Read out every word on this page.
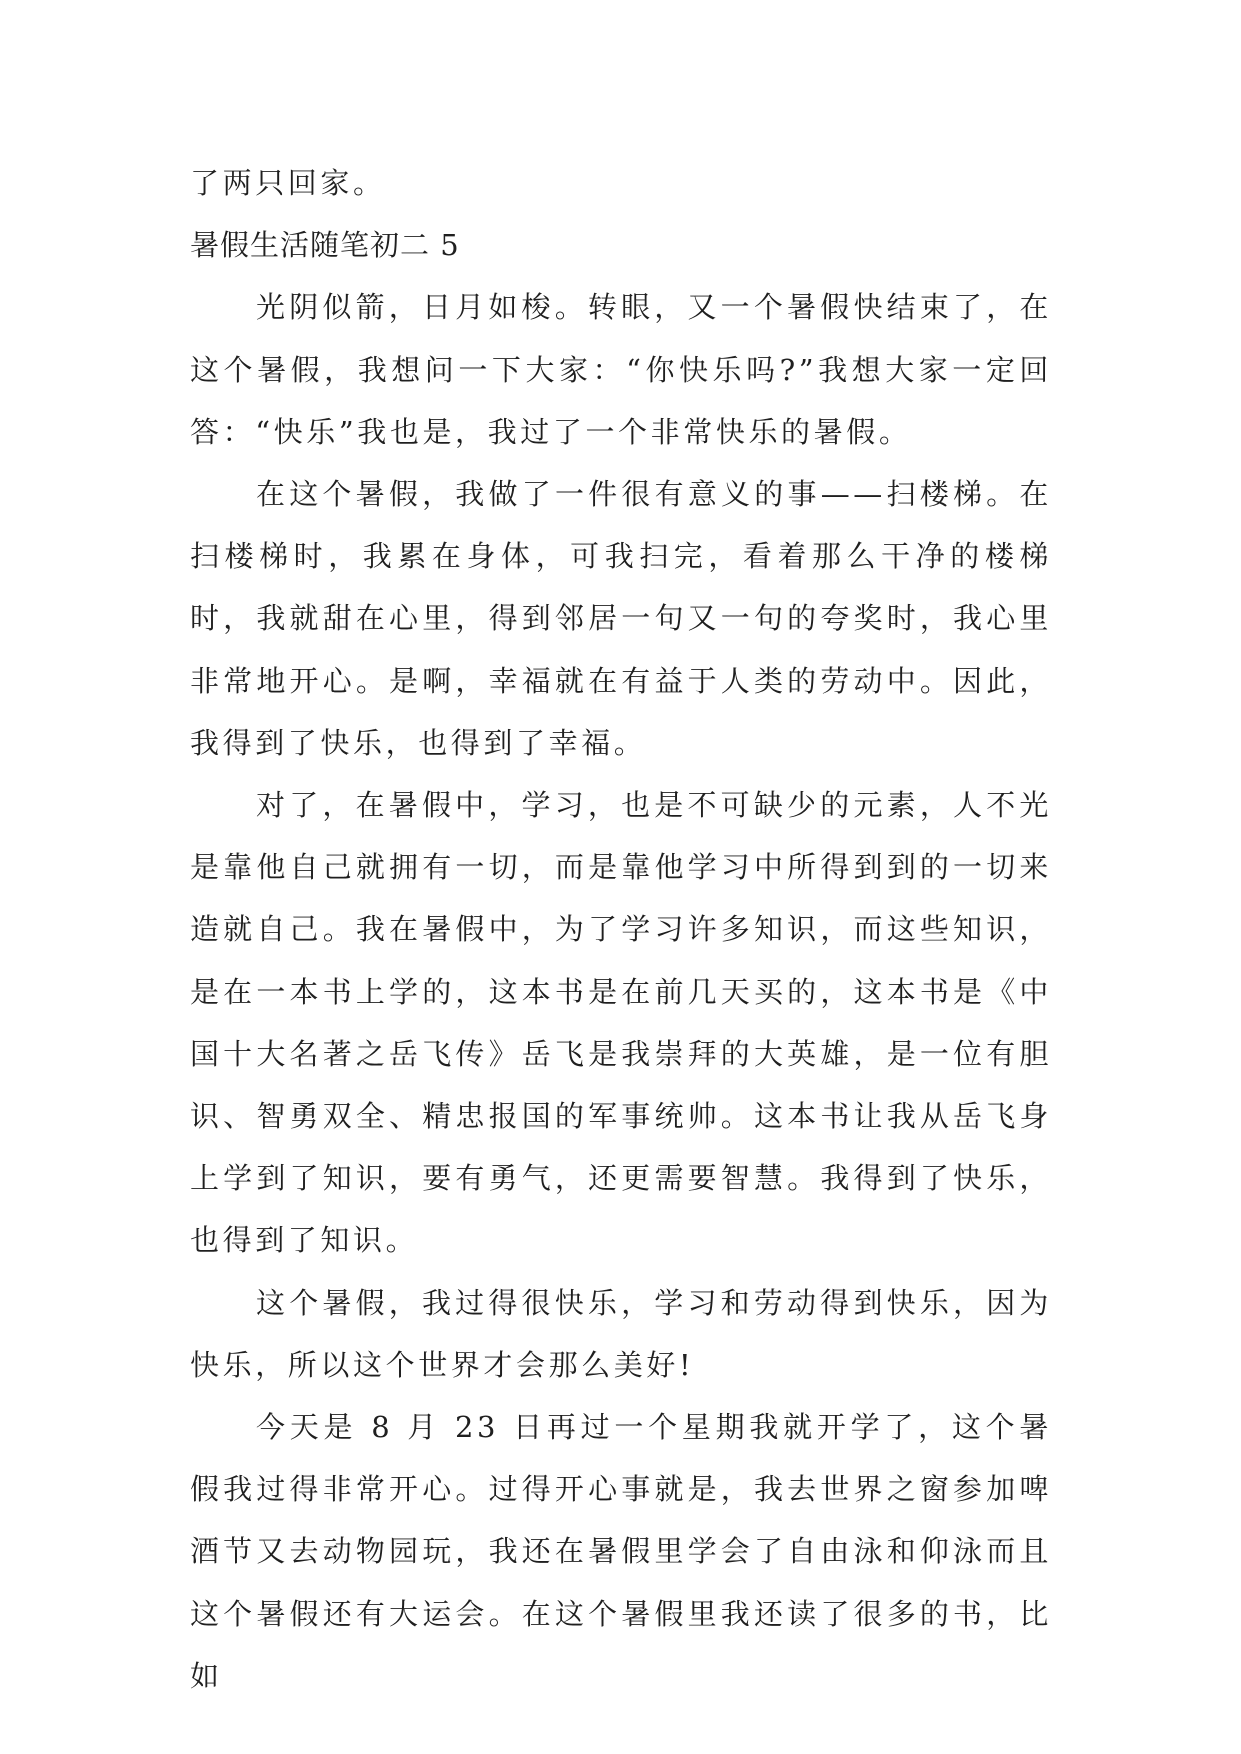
了两只回家。

暑假生活随笔初二 5

光阴似箭，日月如梭。转眼，又一个暑假快结束了，在这个暑假，我想问一下大家：“你快乐吗?”我想大家一定回答：“快乐”我也是，我过了一个非常快乐的暑假。

在这个暑假，我做了一件很有意义的事——扫楼梯。在扫楼梯时，我累在身体，可我扫完，看着那么干净的楼梯时，我就甜在心里，得到邻居一句又一句的夸奖时，我心里非常地开心。是啊，幸福就在有益于人类的劳动中。因此，我得到了快乐，也得到了幸福。

对了，在暑假中，学习，也是不可缺少的元素，人不光是靠他自己就拥有一切，而是靠他学习中所得到到的一切来造就自己。我在暑假中，为了学习许多知识，而这些知识，是在一本书上学的，这本书是在前几天买的，这本书是《中国十大名著之岳飞传》岳飞是我崇拜的大英雄，是一位有胆识、智勇双全、精忠报国的军事统帅。这本书让我从岳飞身上学到了知识，要有勇气，还更需要智慧。我得到了快乐，也得到了知识。

这个暑假，我过得很快乐，学习和劳动得到快乐，因为快乐，所以这个世界才会那么美好!

今天是 8 月 23 日再过一个星期我就开学了，这个暑假我过得非常开心。过得开心事就是，我去世界之窗参加啤酒节又去动物园玩，我还在暑假里学会了自由泳和仰泳而且这个暑假还有大运会。在这个暑假里我还读了很多的书，比如
